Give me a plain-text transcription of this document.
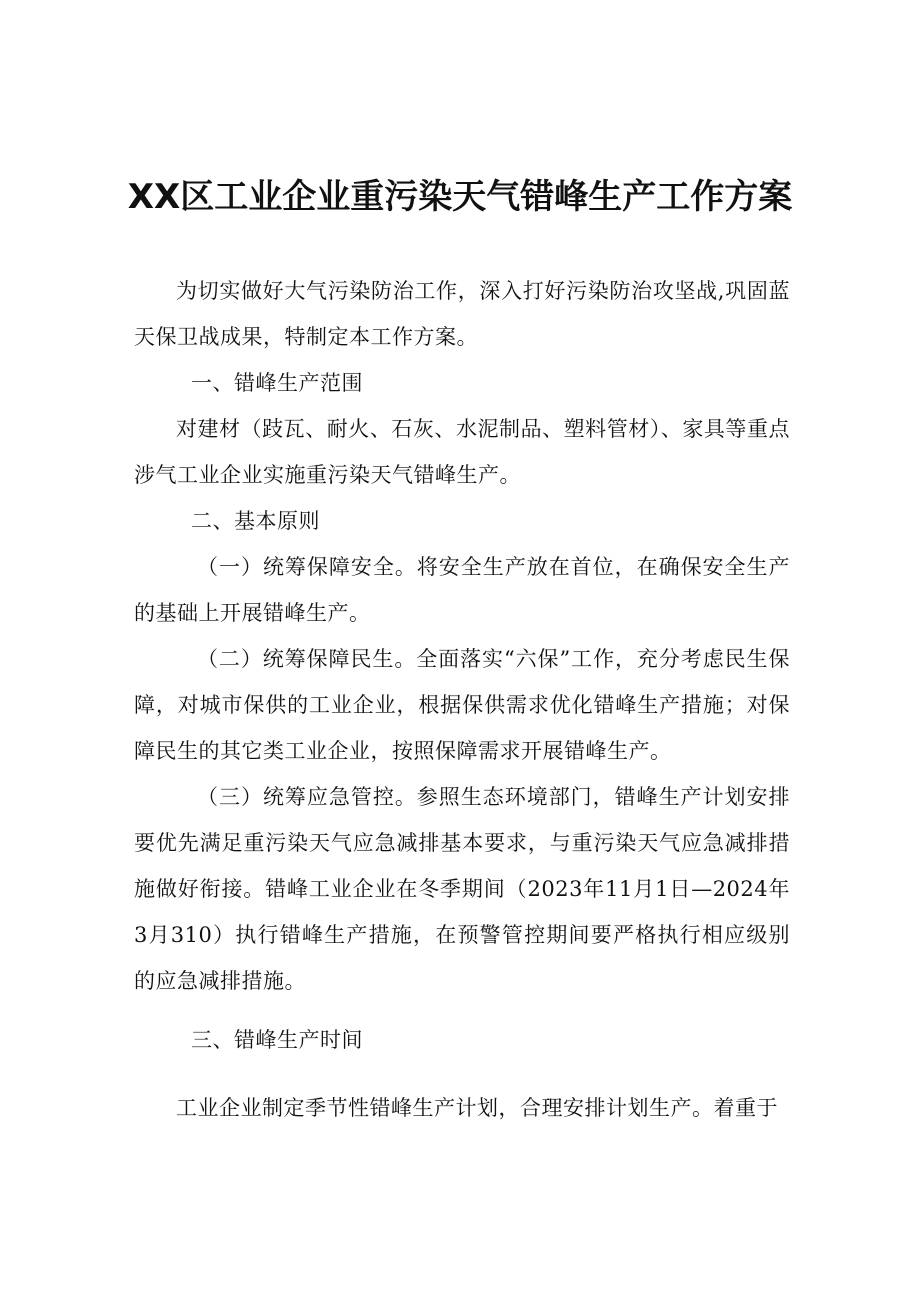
XX区工业企业重污染天气错峰生产工作方案

为切实做好大气污染防治工作，深入打好污染防治攻坚战,巩固蓝天保卫战成果，特制定本工作方案。

一、错峰生产范围

对建材（跂瓦、耐火、石灰、水泥制品、塑料管材）、家具等重点涉气工业企业实施重污染天气错峰生产。

二、基本原则

（一）统筹保障安全。将安全生产放在首位，在确保安全生产的基础上开展错峰生产。

（二）统筹保障民生。全面落实“六保”工作，充分考虑民生保障，对城市保供的工业企业，根据保供需求优化错峰生产措施；对保障民生的其它类工业企业，按照保障需求开展错峰生产。

（三）统筹应急管控。参照生态环境部门，错峰生产计划安排要优先满足重污染天气应急减排基本要求，与重污染天气应急减排措施做好衔接。错峰工业企业在冬季期间（2023年11月1日—2024年3月310）执行错峰生产措施，在预警管控期间要严格执行相应级别的应急减排措施。

三、错峰生产时间

工业企业制定季节性错峰生产计划，合理安排计划生产。着重于
